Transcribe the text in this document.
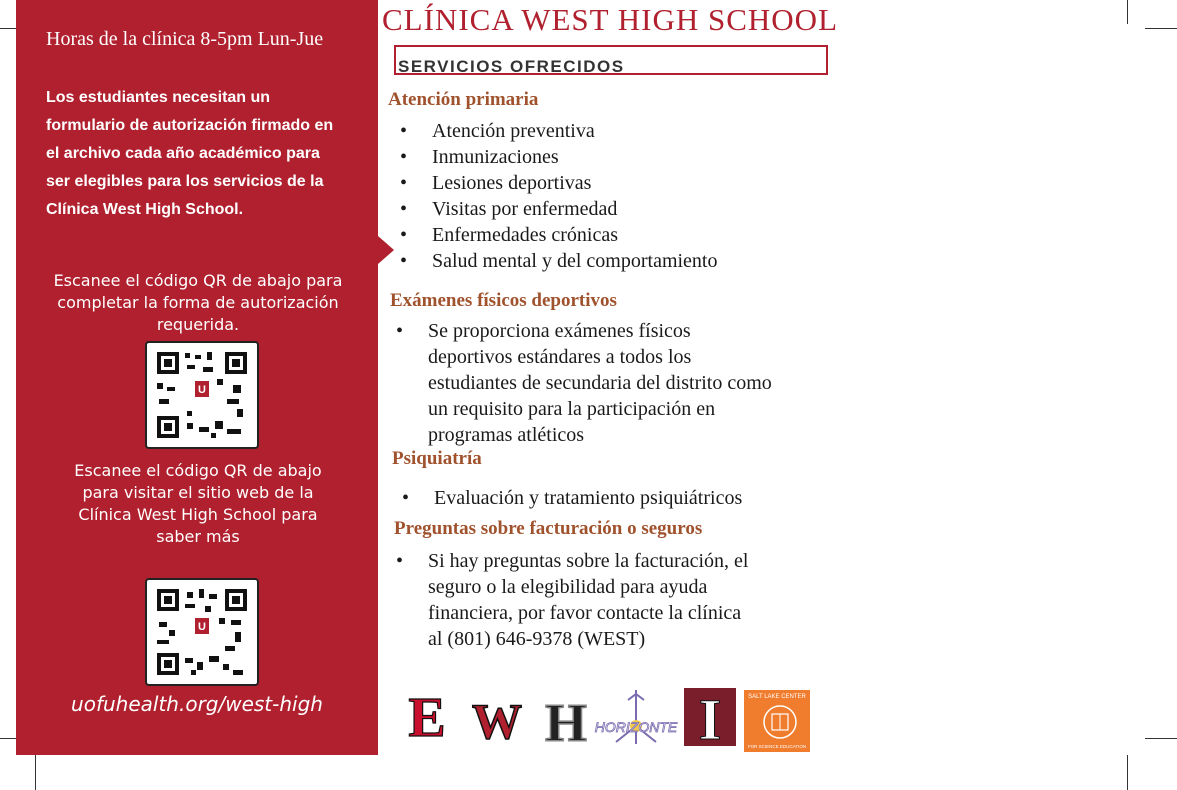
Horas de la clínica 8-5pm Lun-Jue
Los estudiantes necesitan un formulario de autorización firmado en el archivo cada año académico para ser elegibles para los servicios de la Clínica West High School.
Escanee el código QR de abajo para completar la forma de autorización requerida.
U
Escanee el código QR de abajo para visitar el sitio web de la Clínica West High School para saber más
U
uofuhealth.org/west-high
CLÍNICA WEST HIGH SCHOOL
SERVICIOS OFRECIDOS
Atención primaria
• Atención preventiva
• Inmunizaciones
• Lesiones deportivas
• Visitas por enfermedad
• Enfermedades crónicas
• Salud mental y del comportamiento
Exámenes físicos deportivos
• Se proporciona exámenes físicos deportivos estándares a todos los estudiantes de secundaria del distrito como un requisito para la participación en programas atléticos
Psiquiatría
• Evaluación y tratamiento psiquiátricos
Preguntas sobre facturación o seguros
• Si hay preguntas sobre la facturación, el seguro o la elegibilidad para ayuda financiera, por favor contacte la clínica al (801) 646-9378 (WEST)
E W H HORIZONTE I	SALT LAKE CENTER
FOR SCIENCE EDUCATION
